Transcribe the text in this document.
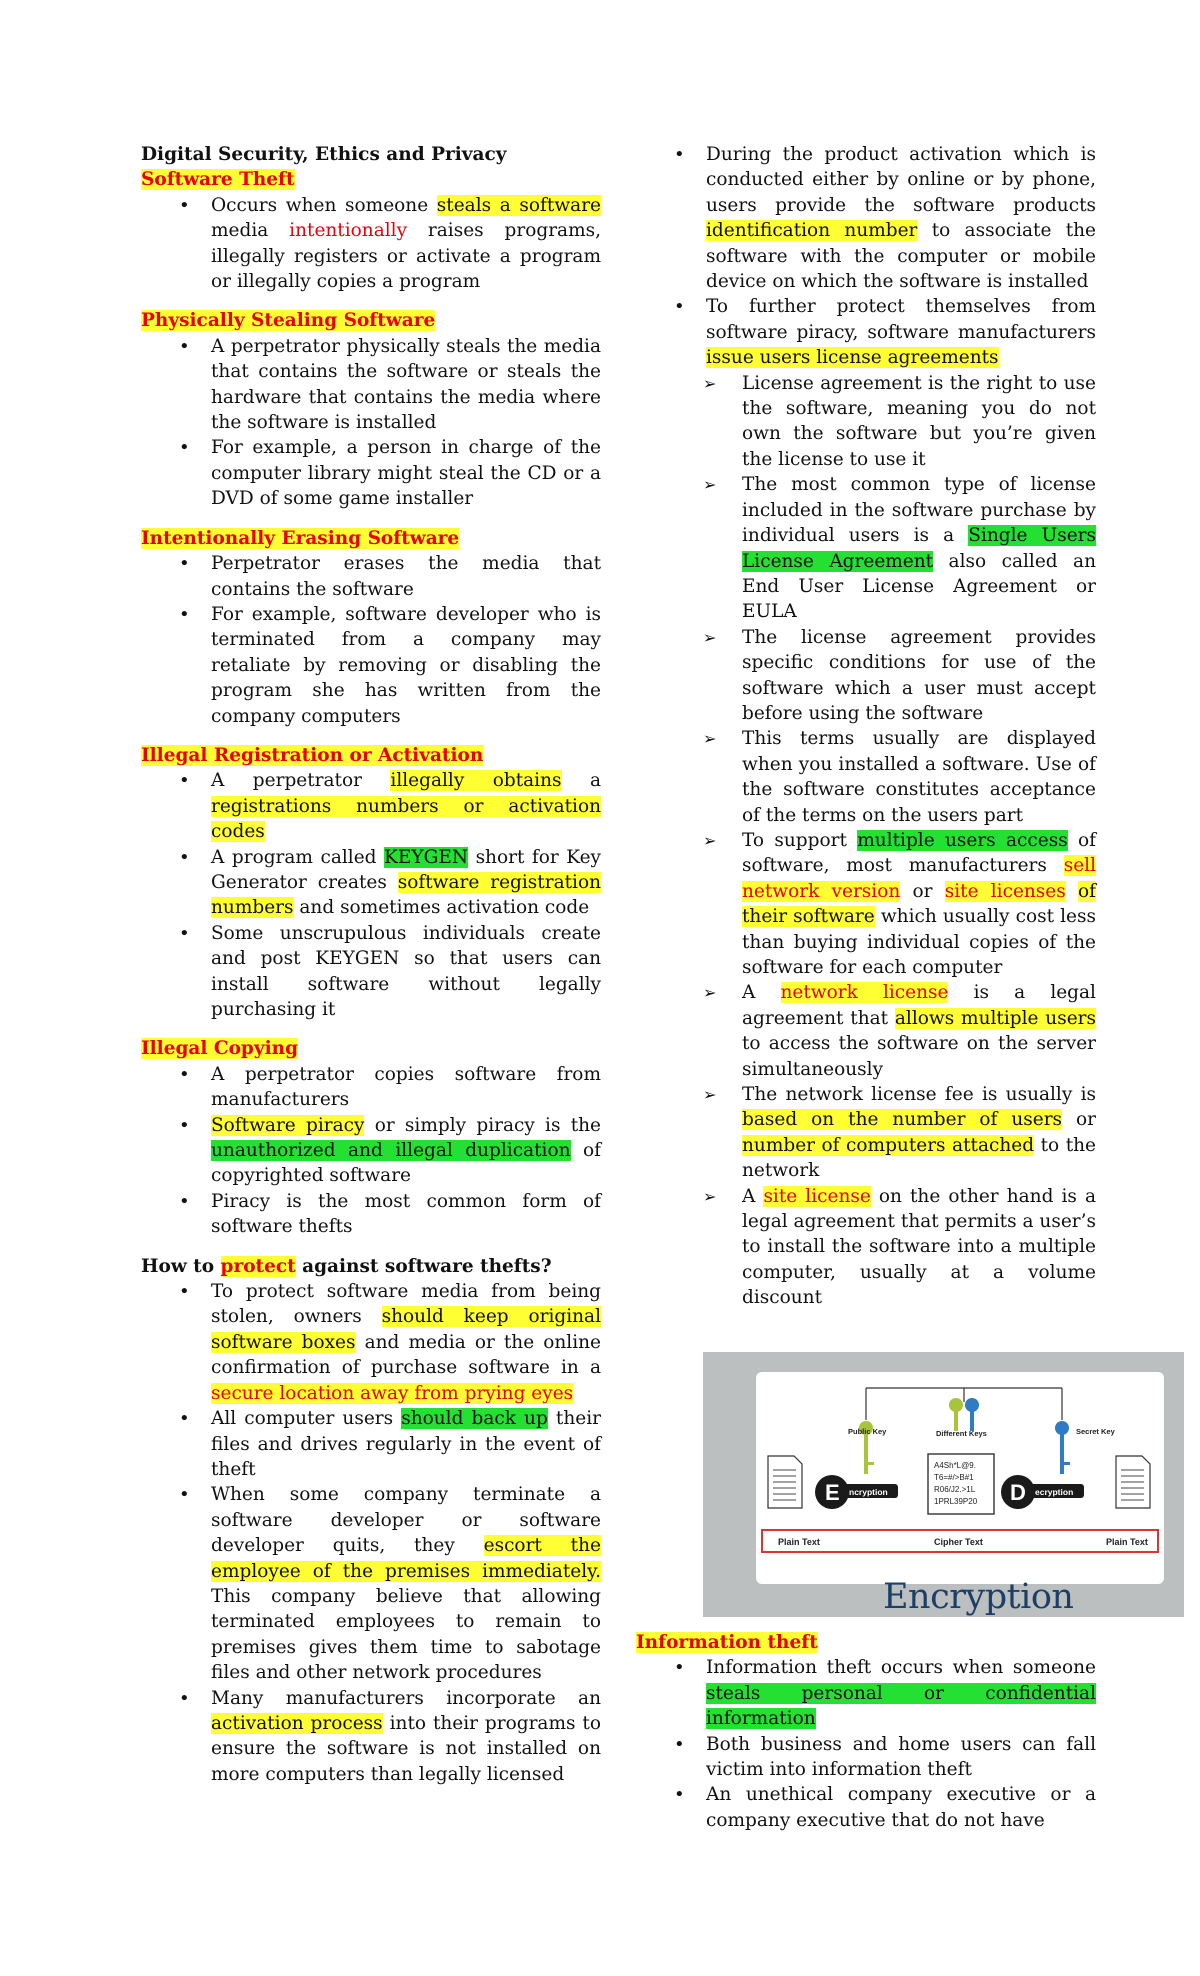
Digital Security, Ethics and Privacy

Software Theft

• Occurs when someone steals a software media intentionally raises programs, illegally registers or activate a program or illegally copies a program

Physically Stealing Software

• A perpetrator physically steals the media that contains the software or steals the hardware that contains the media where the software is installed
• For example, a person in charge of the computer library might steal the CD or a DVD of some game installer

Intentionally Erasing Software

• Perpetrator erases the media that contains the software
• For example, software developer who is terminated from a company may retaliate by removing or disabling the program she has written from the company computers

Illegal Registration or Activation

• A perpetrator illegally obtains a registrations numbers or activation codes
• A program called KEYGEN short for Key Generator creates software registration numbers and sometimes activation code
• Some unscrupulous individuals create and post KEYGEN so that users can install software without legally purchasing it

Illegal Copying

• A perpetrator copies software from manufacturers
• Software piracy or simply piracy is the unauthorized and illegal duplication of copyrighted software
• Piracy is the most common form of software thefts

How to protect against software thefts?

• To protect software media from being stolen, owners should keep original software boxes and media or the online confirmation of purchase software in a secure location away from prying eyes
• All computer users should back up their files and drives regularly in the event of theft
• When some company terminate a software developer or software developer quits, they escort the employee of the premises immediately. This company believe that allowing terminated employees to remain to premises gives them time to sabotage files and other network procedures
• Many manufacturers incorporate an activation process into their programs to ensure the software is not installed on more computers than legally licensed
• During the product activation which is conducted either by online or by phone, users provide the software products identification number to associate the software with the computer or mobile device on which the software is installed
• To further protect themselves from software piracy, software manufacturers issue users license agreements
➢ License agreement is the right to use the software, meaning you do not own the software but you’re given the license to use it
➢ The most common type of license included in the software purchase by individual users is a Single Users License Agreement also called an End User License Agreement or EULA
➢ The license agreement provides specific conditions for use of the software which a user must accept before using the software
➢ This terms usually are displayed when you installed a software. Use of the software constitutes acceptance of the terms on the users part
➢ To support multiple users access of software, most manufacturers sell network version or site licenses of their software which usually cost less than buying individual copies of the software for each computer
➢ A network license is a legal agreement that allows multiple users to access the software on the server simultaneously
➢ The network license fee is usually is based on the number of users or number of computers attached to the network
➢ A site license on the other hand is a legal agreement that permits a user’s to install the software into a multiple computer, usually at a volume discount
Public Key	Different Keys	Secret Key
E ncryption	D ecryption
A4Sh*L@9.
T6=#/>B#1
R06/J2.>1L
1PRL39P20
Plain Text	Cipher Text	Plain Text
Encryption

Information theft

• Information theft occurs when someone steals personal or confidential information
• Both business and home users can fall victim into information theft
• An unethical company executive or a company executive that do not have
